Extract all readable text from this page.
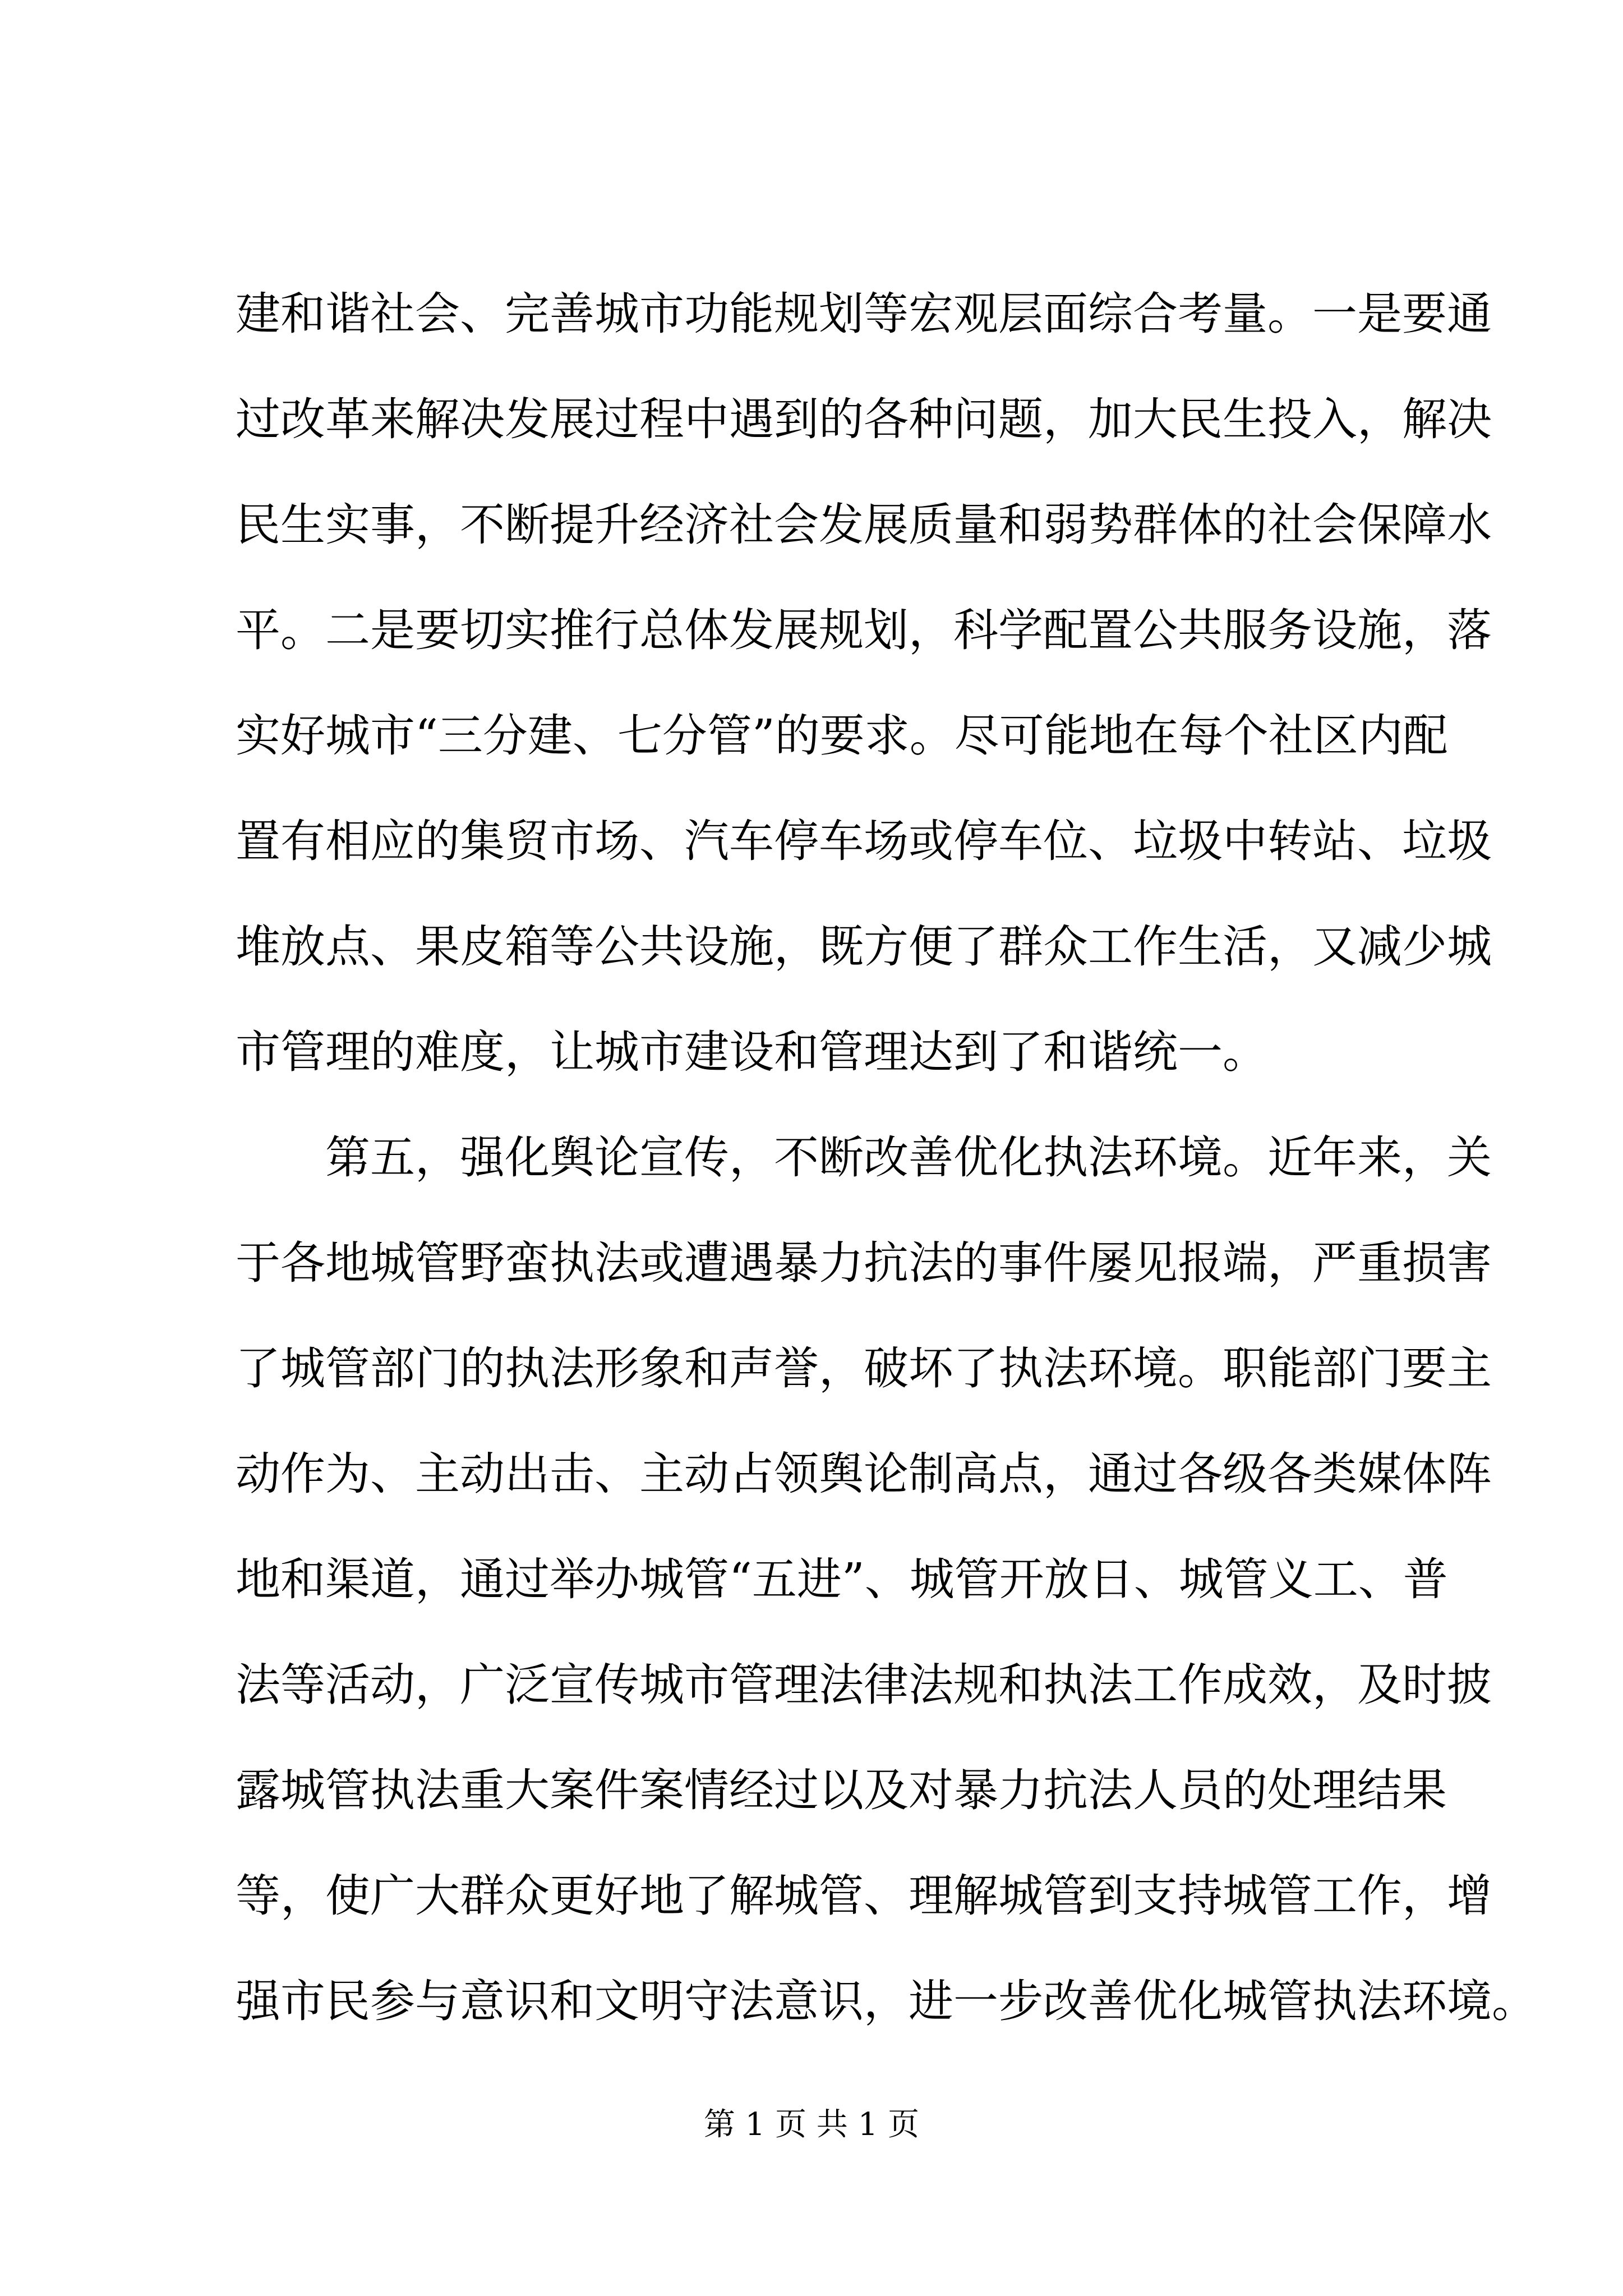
建和谐社会、完善城市功能规划等宏观层面综合考量。一是要通
过改革来解决发展过程中遇到的各种问题，加大民生投入，解决
民生实事，不断提升经济社会发展质量和弱势群体的社会保障水
平。二是要切实推行总体发展规划，科学配置公共服务设施，落
实好城市“三分建、七分管”的要求。尽可能地在每个社区内配
置有相应的集贸市场、汽车停车场或停车位、垃圾中转站、垃圾
堆放点、果皮箱等公共设施，既方便了群众工作生活，又减少城
市管理的难度，让城市建设和管理达到了和谐统一。
第五，强化舆论宣传，不断改善优化执法环境。近年来，关
于各地城管野蛮执法或遭遇暴力抗法的事件屡见报端，严重损害
了城管部门的执法形象和声誉，破坏了执法环境。职能部门要主
动作为、主动出击、主动占领舆论制高点，通过各级各类媒体阵
地和渠道，通过举办城管“五进”、城管开放日、城管义工、普
法等活动，广泛宣传城市管理法律法规和执法工作成效，及时披
露城管执法重大案件案情经过以及对暴力抗法人员的处理结果
等，使广大群众更好地了解城管、理解城管到支持城管工作，增
强市民参与意识和文明守法意识，进一步改善优化城管执法环境。
第 1 页 共 1 页
